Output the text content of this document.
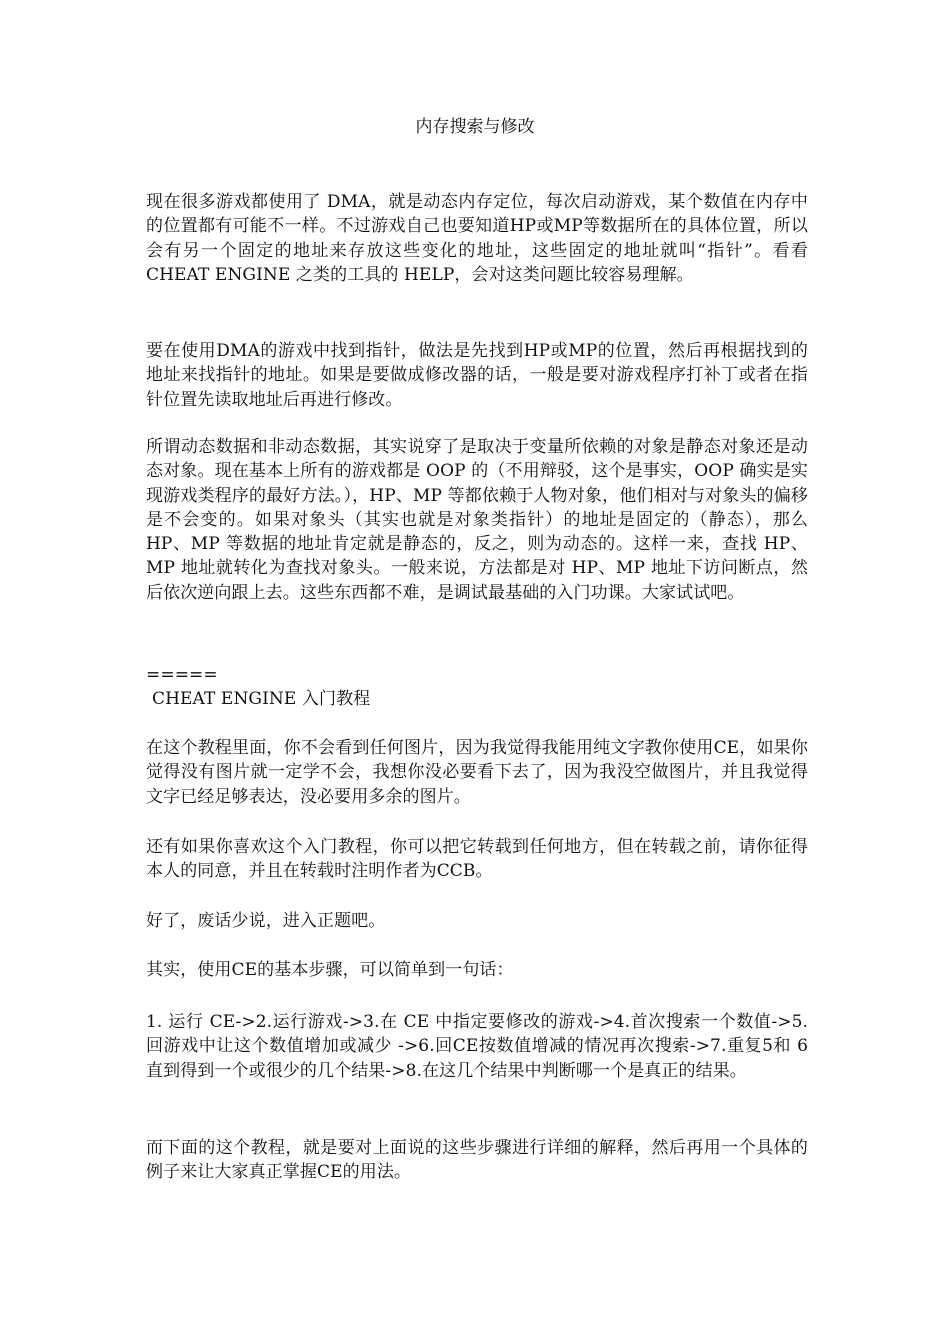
内存搜索与修改
现在很多游戏都使用了 DMA，就是动态内存定位，每次启动游戏，某个数值在内存中的位置都有可能不一样。不过游戏自己也要知道HP或MP等数据所在的具体位置，所以会有另一个固定的地址来存放这些变化的地址，这些固定的地址就叫“指针”。看看 CHEAT ENGINE 之类的工具的 HELP，会对这类问题比较容易理解。
要在使用DMA的游戏中找到指针，做法是先找到HP或MP的位置，然后再根据找到的地址来找指针的地址。如果是要做成修改器的话，一般是要对游戏程序打补丁或者在指针位置先读取地址后再进行修改。
所谓动态数据和非动态数据，其实说穿了是取决于变量所依赖的对象是静态对象还是动态对象。现在基本上所有的游戏都是 OOP 的（不用辩驳，这个是事实，OOP 确实是实现游戏类程序的最好方法。），HP、MP 等都依赖于人物对象，他们相对与对象头的偏移是不会变的。如果对象头（其实也就是对象类指针）的地址是固定的（静态），那么 HP、MP 等数据的地址肯定就是静态的，反之，则为动态的。这样一来，查找 HP、MP 地址就转化为查找对象头。一般来说，方法都是对 HP、MP 地址下访问断点，然后依次逆向跟上去。这些东西都不难，是调试最基础的入门功课。大家试试吧。
=====
CHEAT ENGINE 入门教程
在这个教程里面，你不会看到任何图片，因为我觉得我能用纯文字教你使用CE，如果你觉得没有图片就一定学不会，我想你没必要看下去了，因为我没空做图片，并且我觉得文字已经足够表达，没必要用多余的图片。
还有如果你喜欢这个入门教程，你可以把它转载到任何地方，但在转载之前，请你征得本人的同意，并且在转载时注明作者为CCB。
好了，废话少说，进入正题吧。
其实，使用CE的基本步骤，可以简单到一句话：
1. 运行 CE->2.运行游戏->3.在 CE 中指定要修改的游戏->4.首次搜索一个数值->5.回游戏中让这个数值增加或减少 ->6.回CE按数值增减的情况再次搜索->7.重复5和 6 直到得到一个或很少的几个结果->8.在这几个结果中判断哪一个是真正的结果。
而下面的这个教程，就是要对上面说的这些步骤进行详细的解释，然后再用一个具体的例子来让大家真正掌握CE的用法。
